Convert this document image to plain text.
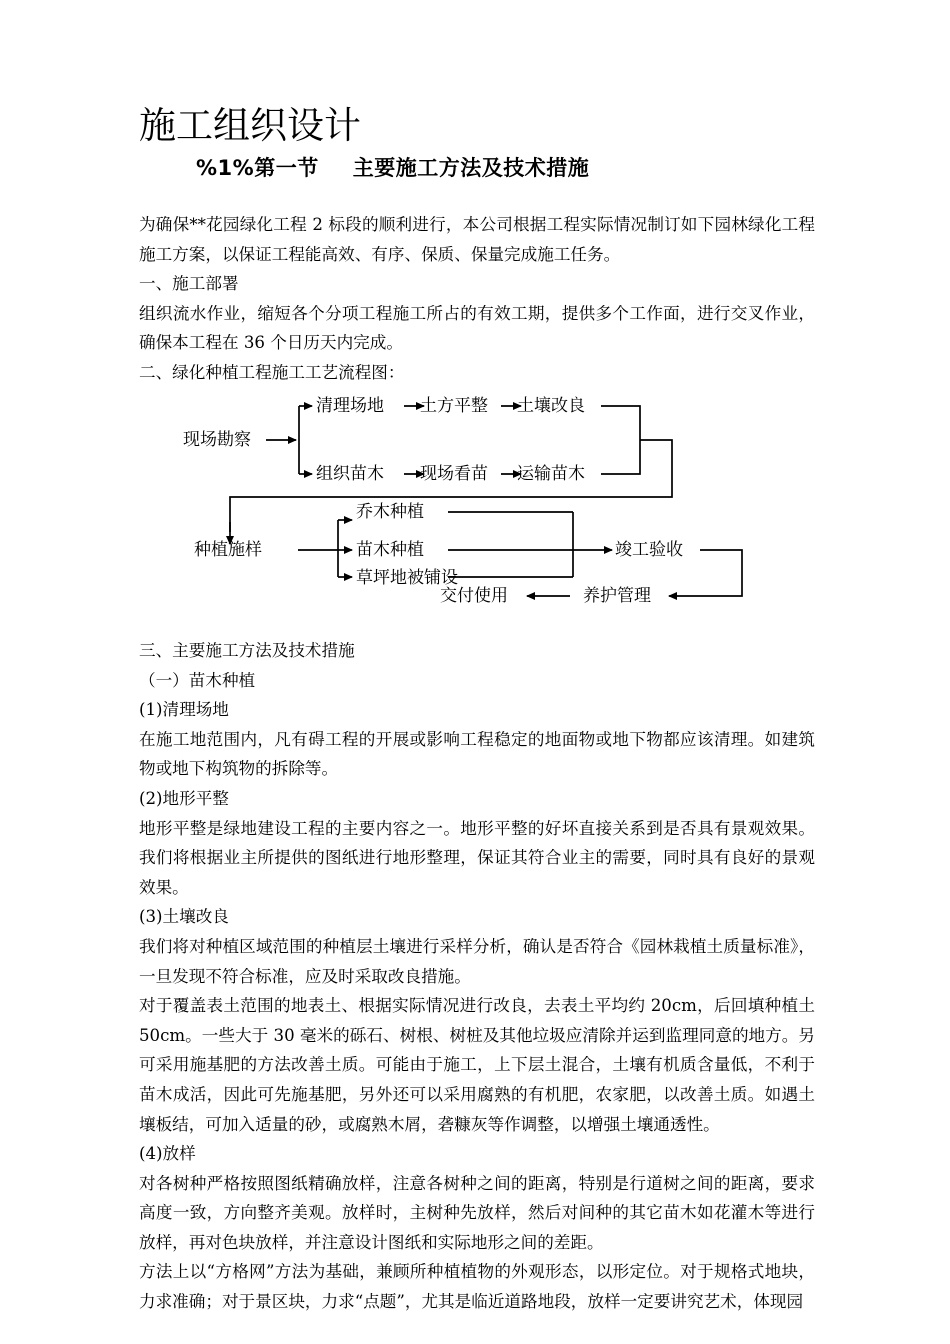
施工组织设计
%1%第一节 主要施工方法及技术措施

为确保**花园绿化工程 2 标段的顺利进行，本公司根据工程实际情况制订如下园林绿化工程施工方案，以保证工程能高效、有序、保质、保量完成施工任务。

一、施工部署

组织流水作业，缩短各个分项工程施工所占的有效工期，提供多个工作面，进行交叉作业，确保本工程在 36 个日历天内完成。

二、绿化种植工程施工工艺流程图：

现场勘察
清理场地 土方平整 土壤改良
组织苗木 现场看苗 运输苗木
种植施样
乔木种植
苗木种植
草坪地被铺设
竣工验收
养护管理
交付使用

三、主要施工方法及技术措施

（一）苗木种植

(1)清理场地

在施工地范围内，凡有碍工程的开展或影响工程稳定的地面物或地下物都应该清理。如建筑物或地下构筑物的拆除等。

(2)地形平整

地形平整是绿地建设工程的主要内容之一。地形平整的好坏直接关系到是否具有景观效果。我们将根据业主所提供的图纸进行地形整理，保证其符合业主的需要，同时具有良好的景观效果。

(3)土壤改良

我们将对种植区域范围的种植层土壤进行采样分析，确认是否符合《园林栽植土质量标准》，一旦发现不符合标准，应及时采取改良措施。

对于覆盖表土范围的地表土、根据实际情况进行改良，去表土平均约 20cm，后回填种植土 50cm。一些大于 30 毫米的砾石、树根、树桩及其他垃圾应清除并运到监理同意的地方。另可采用施基肥的方法改善土质。可能由于施工，上下层土混合，土壤有机质含量低，不利于苗木成活，因此可先施基肥，另外还可以采用腐熟的有机肥，农家肥，以改善土质。如遇土壤板结，可加入适量的砂，或腐熟木屑，砻糠灰等作调整，以增强土壤通透性。

(4)放样

对各树种严格按照图纸精确放样，注意各树种之间的距离，特别是行道树之间的距离，要求高度一致，方向整齐美观。放样时，主树种先放样，然后对间种的其它苗木如花灌木等进行放样，再对色块放样，并注意设计图纸和实际地形之间的差距。

方法上以“方格网”方法为基础，兼顾所种植植物的外观形态，以形定位。对于规格式地块，力求准确；对于景区块，力求“点题”，尤其是临近道路地段，放样一定要讲究艺术，体现园
